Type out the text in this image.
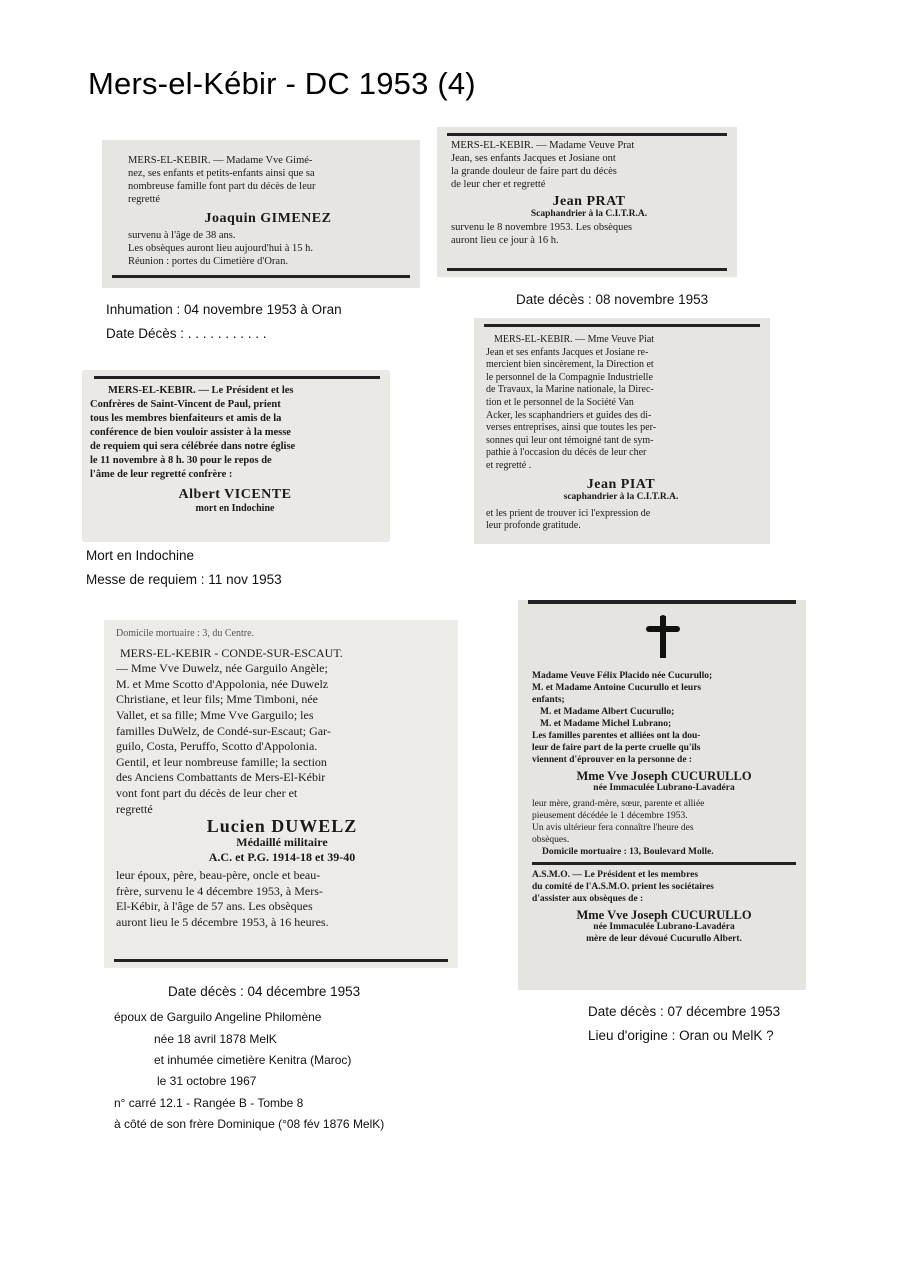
Mers-el-Kébir - DC 1953 (4)

MERS-EL-KEBIR. — Madame Vve Gimé-

nez, ses enfants et petits-enfants ainsi que sa

nombreuse famille font part du décès de leur

regretté

Joaquin GIMENEZ

survenu à l'âge de 38 ans.

Les obsèques auront lieu aujourd'hui à 15 h.

Réunion : portes du Cimetière d'Oran.

MERS-EL-KEBIR. — Madame Veuve Prat

Jean, ses enfants Jacques et Josiane ont

la grande douleur de faire part du décès

de leur cher et regretté

Jean PRAT

Scaphandrier à la C.I.T.R.A.

survenu le 8 novembre 1953. Les obsèques

auront lieu ce jour à 16 h.

Inhumation : 04 novembre 1953 à Oran
Date Décès : . . . . . . . . . . .
Date décès : 08 novembre 1953

MERS-EL-KEBIR. — Le Président et les

Confrères de Saint-Vincent de Paul, prient

tous les membres bienfaiteurs et amis de la

conférence de bien vouloir assister à la messe

de requiem qui sera célébrée dans notre église

le 11 novembre à 8 h. 30 pour le repos de

l'âme de leur regretté confrère :

Albert VICENTE

mort en Indochine

Mort en Indochine
Messe de requiem : 11 nov 1953

MERS-EL-KEBIR. — Mme Veuve Piat

Jean et ses enfants Jacques et Josiane re-

mercient bien sincèrement, la Direction et

le personnel de la Compagnie Industrielle

de Travaux, la Marine nationale, la Direc-

tion et le personnel de la Société Van

Acker, les scaphandriers et guides des di-

verses entreprises, ainsi que toutes les per-

sonnes qui leur ont témoigné tant de sym-

pathie à l'occasion du décès de leur cher

et regretté .

Jean PIAT

scaphandrier à la C.I.T.R.A.

et les prient de trouver ici l'expression de

leur profonde gratitude.

Domicile mortuaire : 3, du Centre.

MERS-EL-KEBIR - CONDE-SUR-ESCAUT.

— Mme Vve Duwelz, née Garguilo Angèle;

M. et Mme Scotto d'Appolonia, née Duwelz

Christiane, et leur fils; Mme Timboni, née

Vallet, et sa fille; Mme Vve Garguilo; les

familles DuWelz, de Condé-sur-Escaut; Gar-

guilo, Costa, Peruffo, Scotto d'Appolonia.

Gentil, et leur nombreuse famille; la section

des Anciens Combattants de Mers-El-Kébir

vont font part du décès de leur cher et

regretté

Lucien DUWELZ

Médaillé militaire

A.C. et P.G. 1914-18 et 39-40

leur époux, père, beau-père, oncle et beau-

frère, survenu le 4 décembre 1953, à Mers-

El-Kébir, à l'âge de 57 ans. Les obsèques

auront lieu le 5 décembre 1953, à 16 heures.

Date décès : 04 décembre 1953

Madame Veuve Félix Placido née Cucurullo;

M. et Madame Antoine Cucurullo et leurs

enfants;

M. et Madame Albert Cucurullo;

M. et Madame Michel Lubrano;

Les familles parentes et alliées ont la dou-

leur de faire part de la perte cruelle qu'ils

viennent d'éprouver en la personne de :

Mme Vve Joseph CUCURULLO

née Immaculée Lubrano-Lavadéra

leur mère, grand-mère, sœur, parente et alliée

pieusement décédée le 1 décembre 1953.

Un avis ultérieur fera connaître l'heure des

obsèques.

Domicile mortuaire : 13, Boulevard Molle.

A.S.M.O. — Le Président et les membres

du comité de l'A.S.M.O. prient les sociétaires

d'assister aux obsèques de :

Mme Vve Joseph CUCURULLO

née Immaculée Lubrano-Lavadéra

mère de leur dévoué Cucurullo Albert.

Date décès : 07 décembre 1953
Lieu d'origine : Oran ou MelK ?
époux de Garguilo Angeline Philomène
née 18 avril 1878 MelK
et inhumée cimetière Kenitra (Maroc)
le 31 octobre 1967
n° carré 12.1 - Rangée B - Tombe 8
à côté de son frère Dominique (°08 fév 1876 MelK)
